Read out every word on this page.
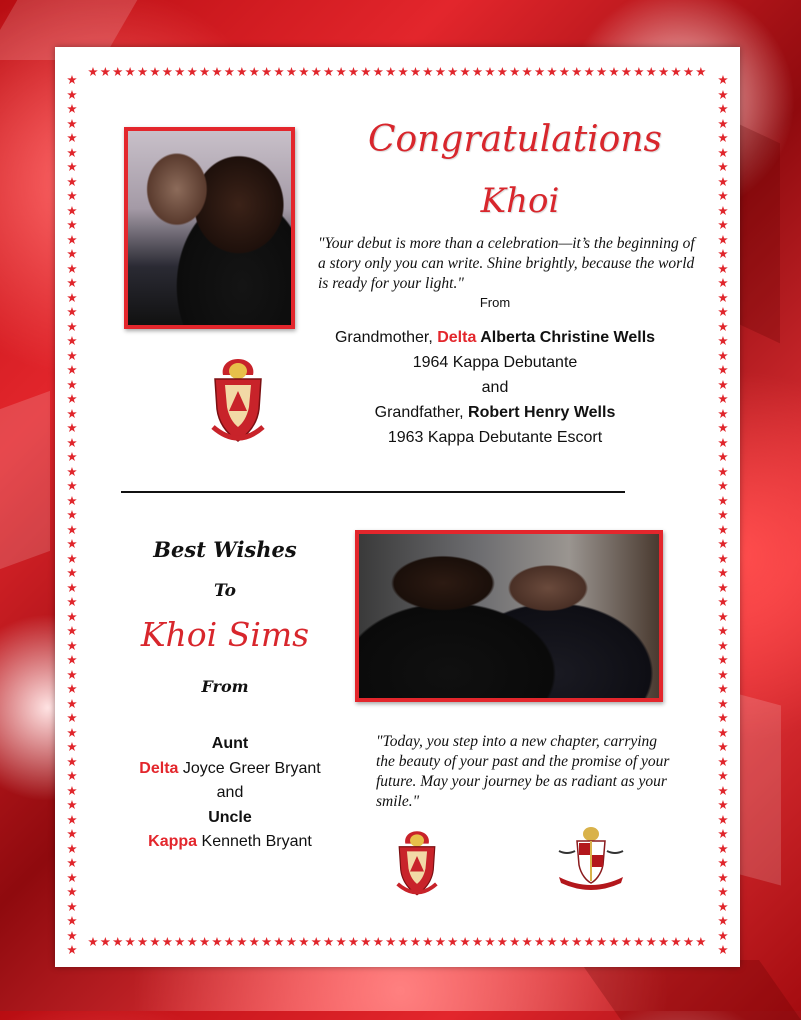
★★★★★★★★★★★★★★★★★★★★★★★★★★★★★★★★★★★★★★★★★★★★★★★★★★
★★★★★★★★★★★★★★★★★★★★★★★★★★★★★★★★★★★★★★★★★★★★★★★★★★
★
★
★
★
★
★
★
★
★
★
★
★
★
★
★
★
★
★
★
★
★
★
★
★
★
★
★
★
★
★
★
★
★
★
★
★
★
★
★
★
★
★
★
★
★
★
★
★
★
★
★
★
★
★
★
★
★
★
★
★
★
★
★
★
★
★
★
★
★
★
★
★
★
★
★
★
★
★
★
★
★
★
★
★
★
★
★
★
★
★
★
★
★
★
★
★
★
★
★
★
★
★
★
★
★
★
★
★
★
★
★
★
★
★
★
★
★
★
★
★
★
★
Congratulations
Khoi
"Your debut is more than a celebration—it’s the beginning of a story only you can write. Shine brightly, because the world is ready for your light."
From
Grandmother, Delta Alberta Christine Wells
1964 Kappa Debutante
and
Grandfather, Robert Henry Wells
1963 Kappa Debutante Escort
Best Wishes
To
Khoi Sims
From
Aunt
Delta Joyce Greer Bryant
and
Uncle
Kappa Kenneth Bryant
"Today, you step into a new chapter, carrying the beauty of your past and the promise of your future. May your journey be as radiant as your smile."
